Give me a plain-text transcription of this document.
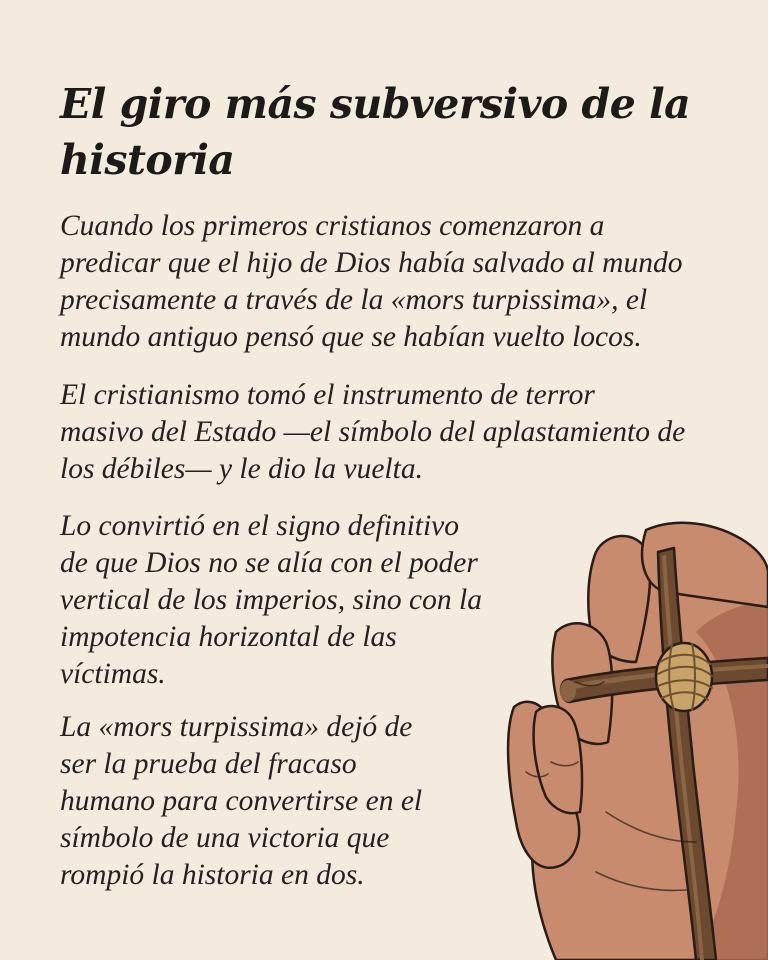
El giro más subversivo de la
historia

Cuando los primeros cristianos comenzaron a
predicar que el hijo de Dios había salvado al mundo
precisamente a través de la «mors turpissima», el
mundo antiguo pensó que se habían vuelto locos.

El cristianismo tomó el instrumento de terror
masivo del Estado —el símbolo del aplastamiento de
los débiles— y le dio la vuelta.

Lo convirtió en el signo definitivo
de que Dios no se alía con el poder
vertical de los imperios, sino con la
impotencia horizontal de las
víctimas.

La «mors turpissima» dejó de
ser la prueba del fracaso
humano para convertirse en el
símbolo de una victoria que
rompió la historia en dos.
